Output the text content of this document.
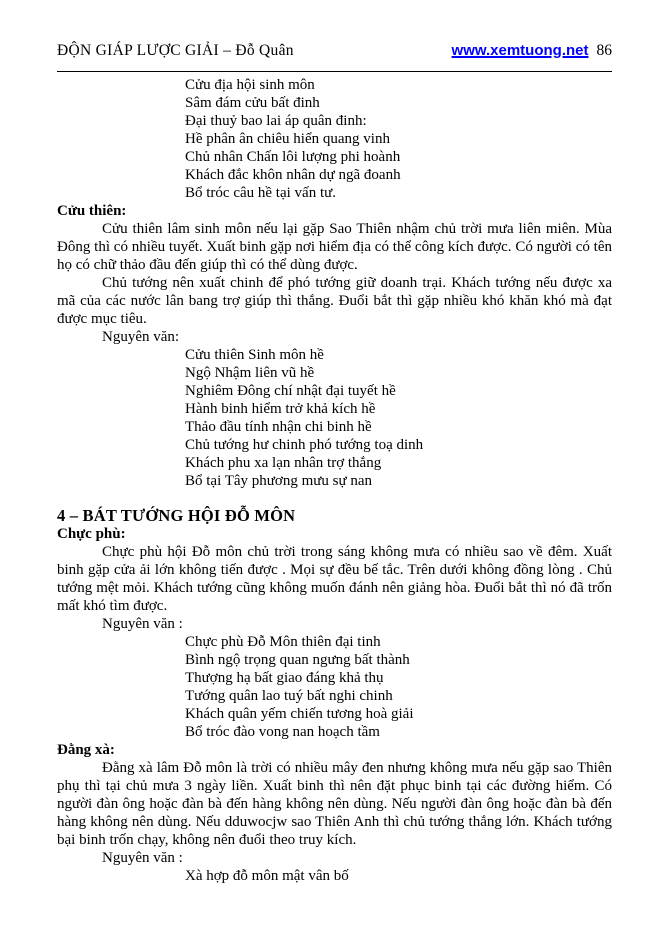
ĐỘN GIÁP LƯỢC GIẢI – Đỗ Quân	www.xemtuong.net 86
Cửu địa hội sinh môn
Sâm đám cửu bất đinh
Đại thuỷ bao lai áp quân đinh:
Hề phân ân chiêu hiển quang vinh
Chủ nhân Chấn lôi lượng phi hoành
Khách đắc khôn nhân dự ngã đoanh
Bổ tróc câu hề tại vấn tư.
Cửu thiên:
Cửu thiên lâm sinh môn nếu lại gặp Sao Thiên nhậm chủ trời mưa liên miên. Mùa Đông thì có nhiều tuyết. Xuất binh gặp nơi hiểm địa có thể công kích được. Có người có tên họ có chữ thảo đầu đến giúp thì có thể dùng được.
Chủ tướng nên xuất chinh để phó tướng giữ doanh trại. Khách tướng nếu được xa mã của các nước lân bang trợ giúp thì thắng. Đuổi bắt thì gặp nhiều khó khăn khó mà đạt được mục tiêu.
Nguyên văn:
Cửu thiên Sinh môn hề
Ngộ Nhậm liên vũ hề
Nghiêm Đông chí nhật đại tuyết hề
Hành binh hiểm trở khả kích hề
Thảo đầu tính nhận chi binh hề
Chủ tướng hư chinh phó tướng toạ dinh
Khách phu xa lạn nhân trợ thắng
Bổ tại Tây phương mưu sự nan
4 – BÁT TƯỚNG HỘI ĐỖ MÔN
Chực phù:
Chực phù hội Đỗ môn chủ trời trong sáng không mưa có nhiều sao về đêm. Xuất binh gặp cửa ải lớn không tiến được . Mọi sự đều bế tắc. Trên dưới không đồng lòng . Chủ tướng mệt mỏi. Khách tướng cũng không muốn đánh nên giảng hòa. Đuổi bắt thì nó đã trốn mất khó tìm được.
Nguyên văn :
Chực phù Đỗ Môn thiên đại tinh
Bình ngộ trọng quan ngưng bất thành
Thượng hạ bất giao đáng khả thụ
Tướng quân lao tuý bất nghi chinh
Khách quân yếm chiến tương hoà giải
Bổ tróc đào vong nan hoạch tầm
Đằng xà:
Đằng xà lâm Đỗ môn là trời có nhiều mây đen nhưng không mưa nếu gặp sao Thiên phụ thì tại chủ mưa 3 ngày liền. Xuất binh thì nên đặt phục binh tại các đường hiểm. Có người đàn ông hoặc đàn bà đến hàng không nên dùng. Nếu người đàn ông hoặc đàn bà đến hàng không nên dùng. Nếu dduwocjw sao Thiên Anh thì chủ tướng thắng lớn. Khách tướng bại binh trốn chạy, không nên đuổi theo truy kích.
Nguyên văn :
Xà hợp đỗ môn mật vân bố
